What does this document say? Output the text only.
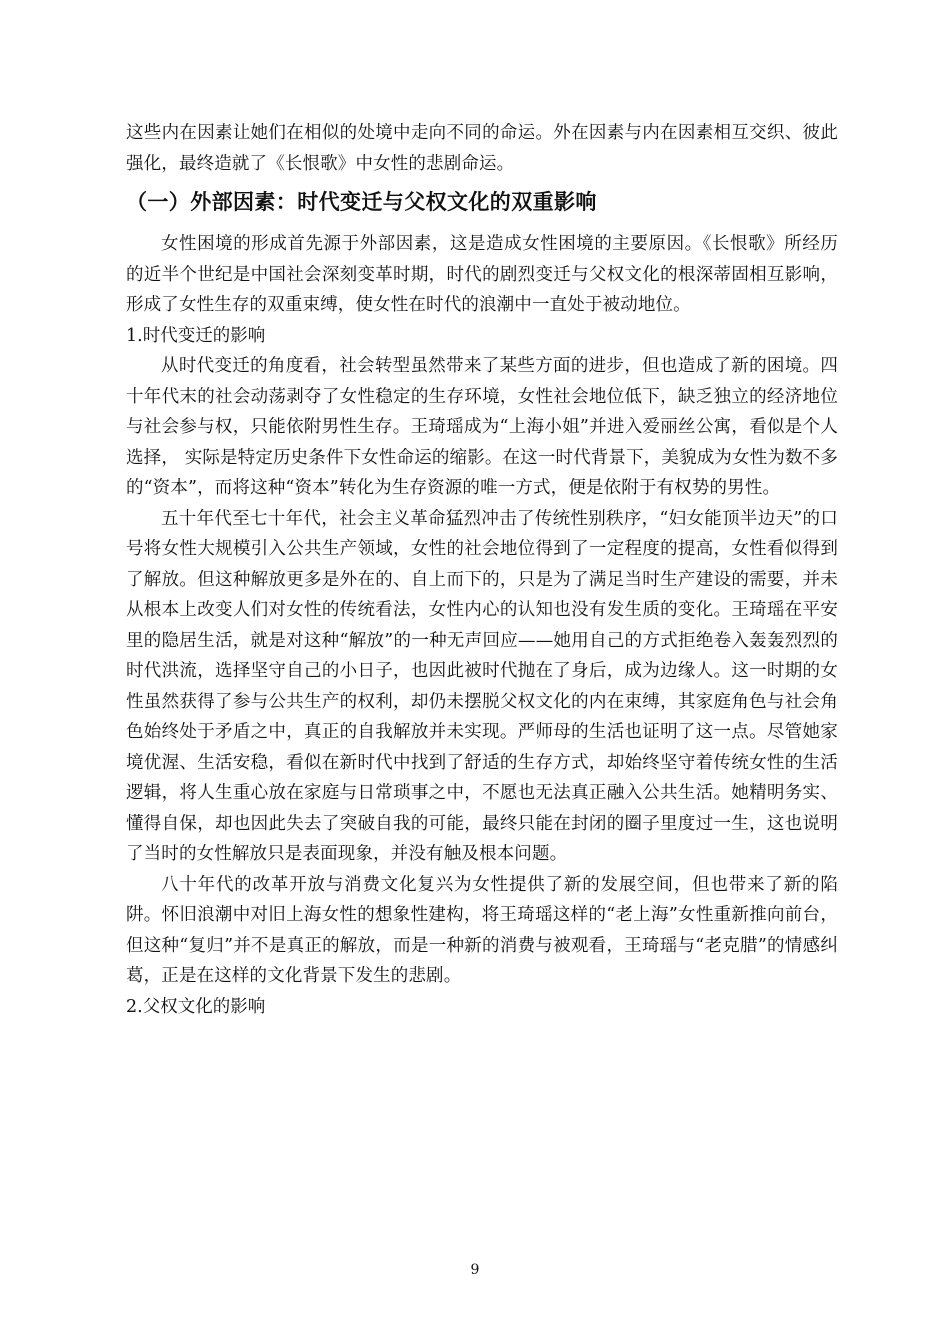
这些内在因素让她们在相似的处境中走向不同的命运。外在因素与内在因素相互交织、彼此强化，最终造就了《长恨歌》中女性的悲剧命运。

（一）外部因素：时代变迁与父权文化的双重影响

女性困境的形成首先源于外部因素，这是造成女性困境的主要原因。《长恨歌》所经历的近半个世纪是中国社会深刻变革时期，时代的剧烈变迁与父权文化的根深蒂固相互影响，形成了女性生存的双重束缚，使女性在时代的浪潮中一直处于被动地位。

1.时代变迁的影响

从时代变迁的角度看，社会转型虽然带来了某些方面的进步，但也造成了新的困境。四十年代末的社会动荡剥夺了女性稳定的生存环境，女性社会地位低下，缺乏独立的经济地位与社会参与权，只能依附男性生存。王琦瑶成为“上海小姐”并进入爱丽丝公寓，看似是个人选择， 实际是特定历史条件下女性命运的缩影。在这一时代背景下，美貌成为女性为数不多的“资本”，而将这种“资本”转化为生存资源的唯一方式，便是依附于有权势的男性。

五十年代至七十年代，社会主义革命猛烈冲击了传统性别秩序，“妇女能顶半边天”的口号将女性大规模引入公共生产领域，女性的社会地位得到了一定程度的提高，女性看似得到了解放。但这种解放更多是外在的、自上而下的，只是为了满足当时生产建设的需要，并未从根本上改变人们对女性的传统看法，女性内心的认知也没有发生质的变化。王琦瑶在平安里的隐居生活，就是对这种“解放”的一种无声回应——她用自己的方式拒绝卷入轰轰烈烈的时代洪流，选择坚守自己的小日子，也因此被时代抛在了身后，成为边缘人。这一时期的女性虽然获得了参与公共生产的权利，却仍未摆脱父权文化的内在束缚，其家庭角色与社会角色始终处于矛盾之中，真正的自我解放并未实现。严师母的生活也证明了这一点。尽管她家境优渥、生活安稳，看似在新时代中找到了舒适的生存方式，却始终坚守着传统女性的生活逻辑，将人生重心放在家庭与日常琐事之中，不愿也无法真正融入公共生活。她精明务实、懂得自保，却也因此失去了突破自我的可能，最终只能在封闭的圈子里度过一生，这也说明了当时的女性解放只是表面现象，并没有触及根本问题。

八十年代的改革开放与消费文化复兴为女性提供了新的发展空间，但也带来了新的陷阱。怀旧浪潮中对旧上海女性的想象性建构，将王琦瑶这样的“老上海”女性重新推向前台，但这种“复归”并不是真正的解放，而是一种新的消费与被观看，王琦瑶与“老克腊”的情感纠葛，正是在这样的文化背景下发生的悲剧。

2.父权文化的影响

9
